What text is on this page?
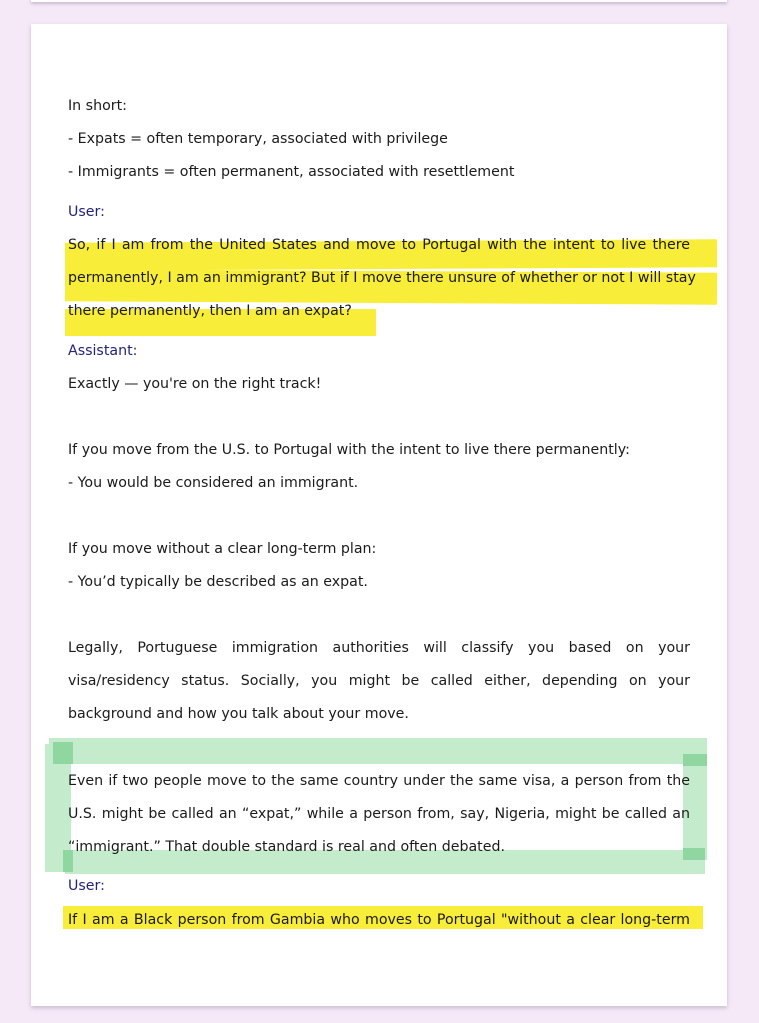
In short:
- Expats = often temporary, associated with privilege
- Immigrants = often permanent, associated with resettlement
User:
So, if I am from the United States and move to Portugal with the intent to live there
permanently, I am an immigrant? But if I move there unsure of whether or not I will stay
there permanently, then I am an expat?
Assistant:
Exactly — you're on the right track!
If you move from the U.S. to Portugal with the intent to live there permanently:
- You would be considered an immigrant.
If you move without a clear long-term plan:
- You’d typically be described as an expat.
Legally, Portuguese immigration authorities will classify you based on your
visa/residency status. Socially, you might be called either, depending on your
background and how you talk about your move.
Even if two people move to the same country under the same visa, a person from the
U.S. might be called an “expat,” while a person from, say, Nigeria, might be called an
“immigrant.” That double standard is real and often debated.
User:
If I am a Black person from Gambia who moves to Portugal "without a clear long-term
